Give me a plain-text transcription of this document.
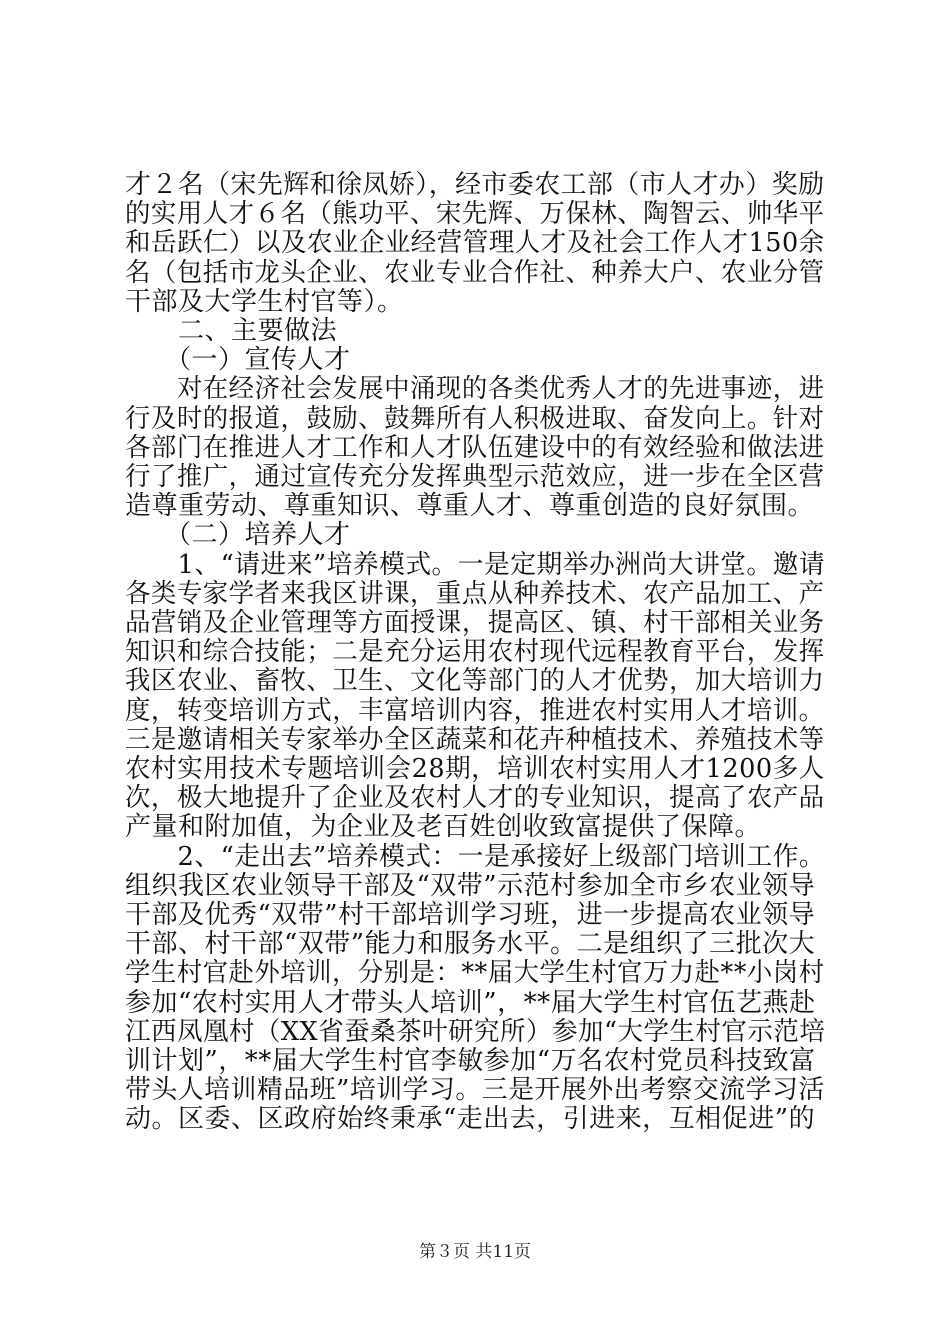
才２名（宋先辉和徐凤娇），经市委农工部（市人才办）奖励
的实用人才６名（熊功平、宋先辉、万保林、陶智云、帅华平
和岳跃仁）以及农业企业经营管理人才及社会工作人才150余
名（包括市龙头企业、农业专业合作社、种养大户、农业分管
干部及大学生村官等）。
　　二、主要做法
　　（一）宣传人才
　　对在经济社会发展中涌现的各类优秀人才的先进事迹，进
行及时的报道，鼓励、鼓舞所有人积极进取、奋发向上。针对
各部门在推进人才工作和人才队伍建设中的有效经验和做法进
行了推广，通过宣传充分发挥典型示范效应，进一步在全区营
造尊重劳动、尊重知识、尊重人才、尊重创造的良好氛围。
　　（二）培养人才
　　1、“请进来”培养模式。一是定期举办洲尚大讲堂。邀请
各类专家学者来我区讲课，重点从种养技术、农产品加工、产
品营销及企业管理等方面授课，提高区、镇、村干部相关业务
知识和综合技能；二是充分运用农村现代远程教育平台，发挥
我区农业、畜牧、卫生、文化等部门的人才优势，加大培训力
度，转变培训方式，丰富培训内容，推进农村实用人才培训。
三是邀请相关专家举办全区蔬菜和花卉种植技术、养殖技术等
农村实用技术专题培训会28期，培训农村实用人才1200多人
次，极大地提升了企业及农村人才的专业知识，提高了农产品
产量和附加值，为企业及老百姓创收致富提供了保障。
　　2、“走出去”培养模式：一是承接好上级部门培训工作。
组织我区农业领导干部及“双带”示范村参加全市乡农业领导
干部及优秀“双带”村干部培训学习班，进一步提高农业领导
干部、村干部“双带”能力和服务水平。二是组织了三批次大
学生村官赴外培训，分别是：**届大学生村官万力赴**小岗村
参加“农村实用人才带头人培训”，**届大学生村官伍艺燕赴
江西凤凰村（XX省蚕桑茶叶研究所）参加“大学生村官示范培
训计划”，**届大学生村官李敏参加“万名农村党员科技致富
带头人培训精品班”培训学习。三是开展外出考察交流学习活
动。区委、区政府始终秉承“走出去，引进来，互相促进”的
第３页 共11页
